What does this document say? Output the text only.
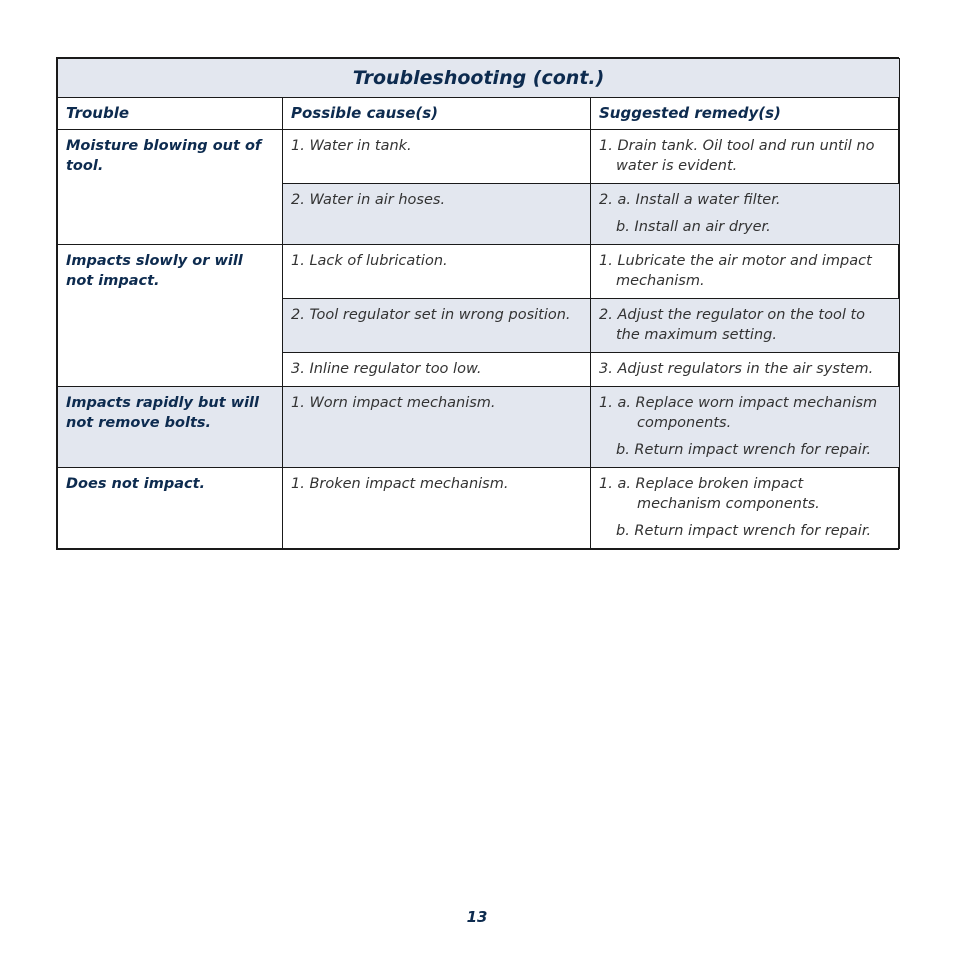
Troubleshooting (cont.)		
Trouble	Possible cause(s)	Suggested remedy(s)
Moisture blowing out of tool.	1. Water in tank.	1. Drain tank. Oil tool and run until no water is evident.

	2. Water in air hoses.	2. a. Install a water filter.
b. Install an air dryer.

Impacts slowly or will not impact.	1. Lack of lubrication.	1. Lubricate the air motor and impact mechanism.

	2. Tool regulator set in wrong position.	2. Adjust the regulator on the tool to the maximum setting.

	3. Inline regulator too low.	3. Adjust regulators in the air system.

Impacts rapidly but will not remove bolts.	1. Worn impact mechanism.	1. a. Replace worn impact mechanism components.
b. Return impact wrench for repair.

Does not impact.	1. Broken impact mechanism.	1. a. Replace broken impact mechanism components.
b. Return impact wrench for repair.
13
